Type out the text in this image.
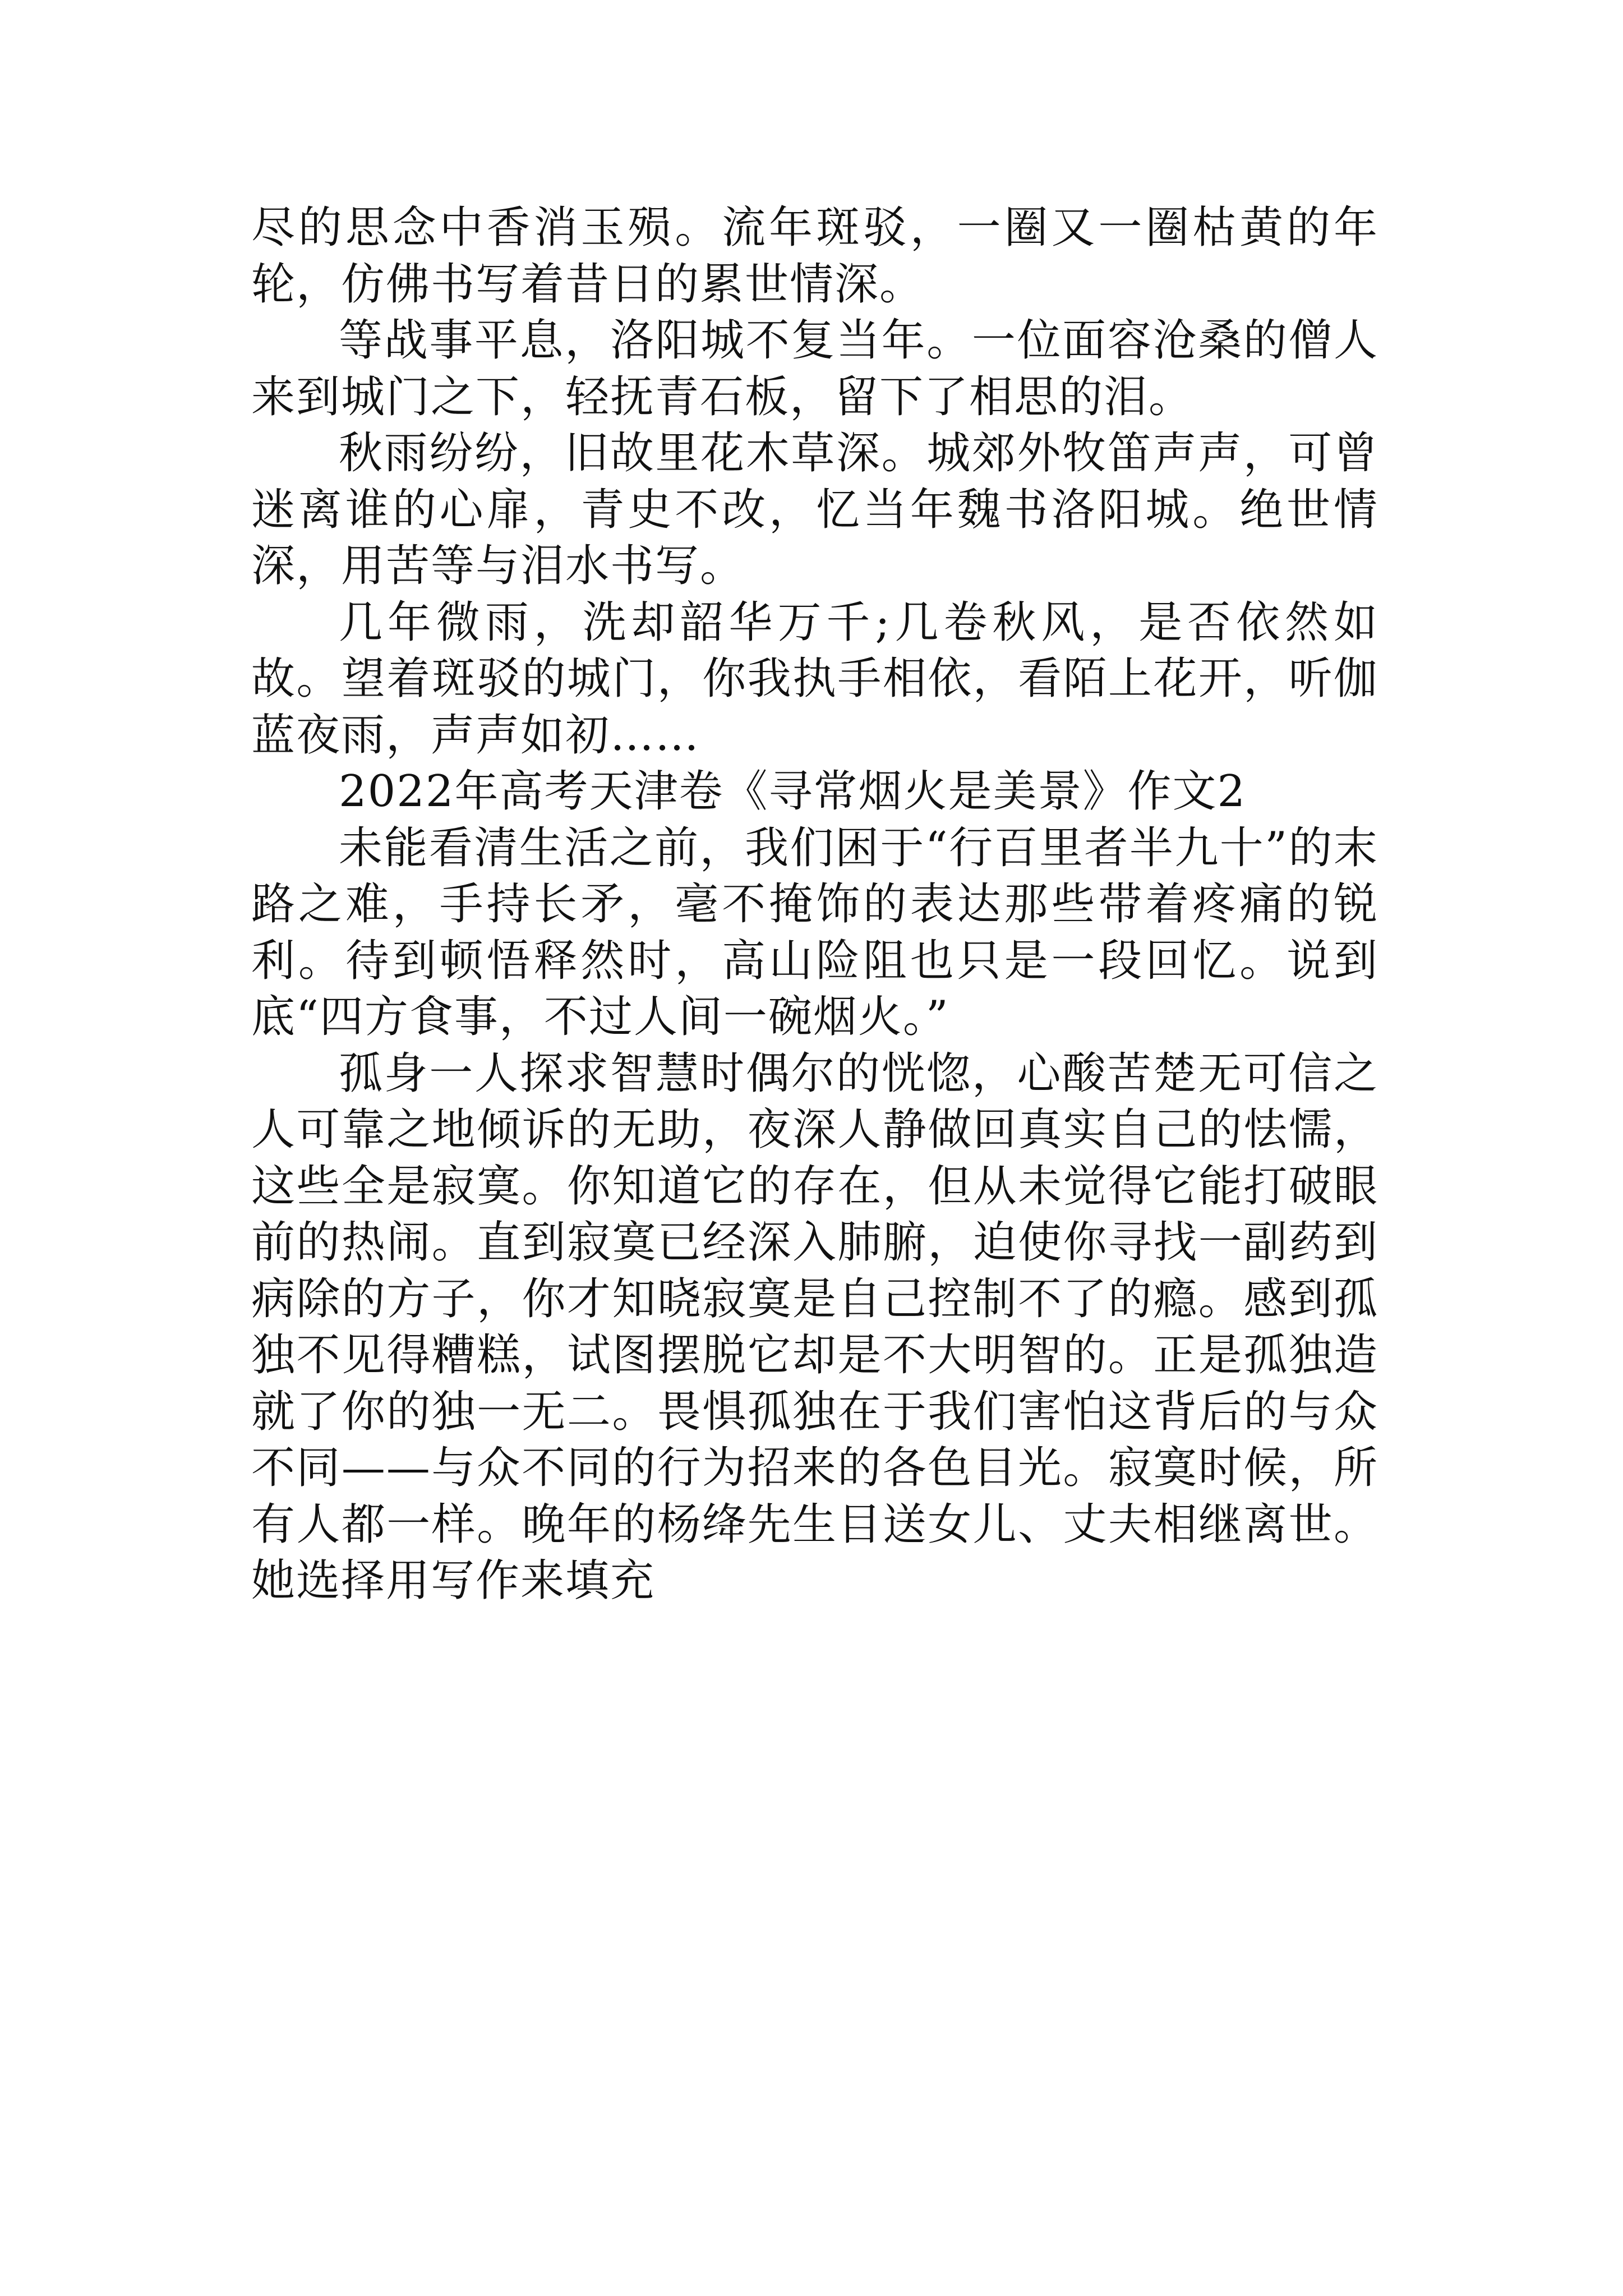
尽的思念中香消玉殒。流年斑驳，一圈又一圈枯黄的年轮，仿佛书写着昔日的累世情深。

等战事平息，洛阳城不复当年。一位面容沧桑的僧人来到城门之下，轻抚青石板，留下了相思的泪。

秋雨纷纷，旧故里花木草深。城郊外牧笛声声，可曾迷离谁的心扉，青史不改，忆当年魏书洛阳城。绝世情深，用苦等与泪水书写。

几年微雨，洗却韶华万千;几卷秋风，是否依然如故。望着斑驳的城门，你我执手相依，看陌上花开，听伽蓝夜雨，声声如初……

2022年高考天津卷《寻常烟火是美景》作文2

未能看清生活之前，我们困于“行百里者半九十”的末路之难，手持长矛，毫不掩饰的表达那些带着疼痛的锐利。待到顿悟释然时，高山险阻也只是一段回忆。说到底“四方食事，不过人间一碗烟火。”

孤身一人探求智慧时偶尔的恍惚，心酸苦楚无可信之人可靠之地倾诉的无助，夜深人静做回真实自己的怯懦，这些全是寂寞。你知道它的存在，但从未觉得它能打破眼前的热闹。直到寂寞已经深入肺腑，迫使你寻找一副药到病除的方子，你才知晓寂寞是自己控制不了的瘾。感到孤独不见得糟糕，试图摆脱它却是不大明智的。正是孤独造就了你的独一无二。畏惧孤独在于我们害怕这背后的与众不同——与众不同的行为招来的各色目光。寂寞时候，所有人都一样。晚年的杨绛先生目送女儿、丈夫相继离世。她选择用写作来填充
